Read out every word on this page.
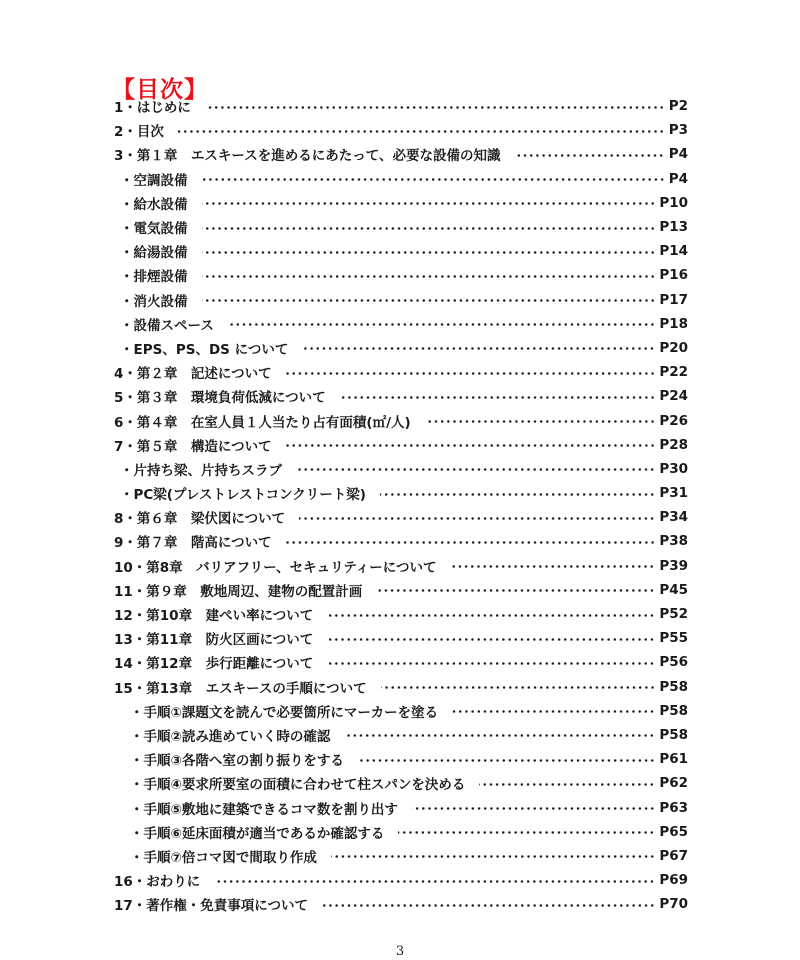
【目次】
1・はじめに	P2
2・目次	P3
3・第１章　エスキースを進めるにあたって、必要な設備の知識	P4
・空調設備	P4
・給水設備	P10
・電気設備	P13
・給湯設備	P14
・排煙設備	P16
・消火設備	P17
・設備スペース	P18
・EPS、PS、DS について	P20
4・第２章　記述について	P22
5・第３章　環境負荷低減について	P24
6・第４章　在室人員１人当たり占有面積(㎡/人)	P26
7・第５章　構造について	P28
・片持ち梁、片持ちスラブ	P30
・PC梁(プレストレストコンクリート梁)	P31
8・第６章　梁伏図について	P34
9・第７章　階高について	P38
10・第8章　バリアフリー、セキュリティーについて	P39
11・第９章　敷地周辺、建物の配置計画	P45
12・第10章　建ぺい率について	P52
13・第11章　防火区画について	P55
14・第12章　歩行距離について	P56
15・第13章　エスキースの手順について	P58
・手順①課題文を読んで必要箇所にマーカーを塗る	P58
・手順②読み進めていく時の確認	P58
・手順③各階へ室の割り振りをする	P61
・手順④要求所要室の面積に合わせて柱スパンを決める	P62
・手順⑤敷地に建築できるコマ数を割り出す	P63
・手順⑥延床面積が適当であるか確認する	P65
・手順⑦倍コマ図で間取り作成	P67
16・おわりに	P69
17・著作権・免責事項について	P70
3
